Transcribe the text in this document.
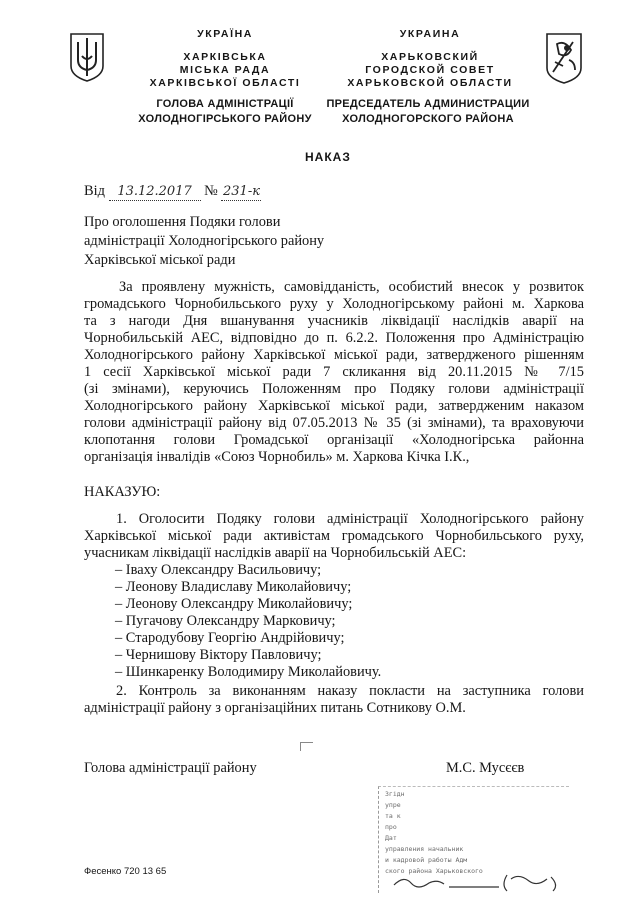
УКРАЇНА
ХАРКІВСЬКА
МІСЬКА РАДА
ХАРКІВСЬКОЇ ОБЛАСТІ
ГОЛОВА АДМІНІСТРАЦІЇ
ХОЛОДНОГІРСЬКОГО РАЙОНУ
УКРАИНА
ХАРЬКОВСКИЙ
ГОРОДСКОЙ СОВЕТ
ХАРЬКОВСКОЙ ОБЛАСТИ
ПРЕДСЕДАТЕЛЬ АДМИНИСТРАЦИИ
ХОЛОДНОГОРСКОГО РАЙОНА
НАКАЗ
Від 13.12.2017 № 231-к
Про оголошення Подяки голови
адміністрації Холодногірського району
Харківської міської ради
За проявлену мужність, самовідданість, особистий внесок у розвиток
громадського Чорнобильського руху у Холодногірському районі м. Харкова
та з нагоди Дня вшанування учасників ліквідації наслідків аварії на
Чорнобильській АЕС, відповідно до п. 6.2.2. Положення про Адміністрацію
Холодногірського району Харківської міської ради, затвердженого рішенням
1 сесії Харківської міської ради 7 скликання від 20.11.2015 № 7/15
(зі змінами), керуючись Положенням про Подяку голови адміністрації
Холодногірського району Харківської міської ради, затвердженим наказом
голови адміністрації району від 07.05.2013 № 35 (зі змінами), та враховуючи
клопотання голови Громадської організації «Холодногірська районна
організація інвалідів «Союз Чорнобиль» м. Харкова Кічка І.К.,
НАКАЗУЮ:
1. Оголосити Подяку голови адміністрації Холодногірського району
Харківської міської ради активістам громадського Чорнобильського руху,
учасникам ліквідації наслідків аварії на Чорнобильській АЕС:
– Іваху Олександру Васильовичу;
– Леонову Владиславу Миколайовичу;
– Леонову Олександру Миколайовичу;
– Пугачову Олександру Марковичу;
– Стародубову Георгію Андрійовичу;
– Чернишову Віктору Павловичу;
– Шинкаренку Володимиру Миколайовичу.
2. Контроль за виконанням наказу покласти на заступника голови
адміністрації району з організаційних питань Сотникову О.М.
Голова адміністрації району	М.С. Мусєєв
Згідн
упре
та к
про
Дат
управления начальник
и кадровой работы Адм
ского района Харьковского
Фесенко 720 13 65
